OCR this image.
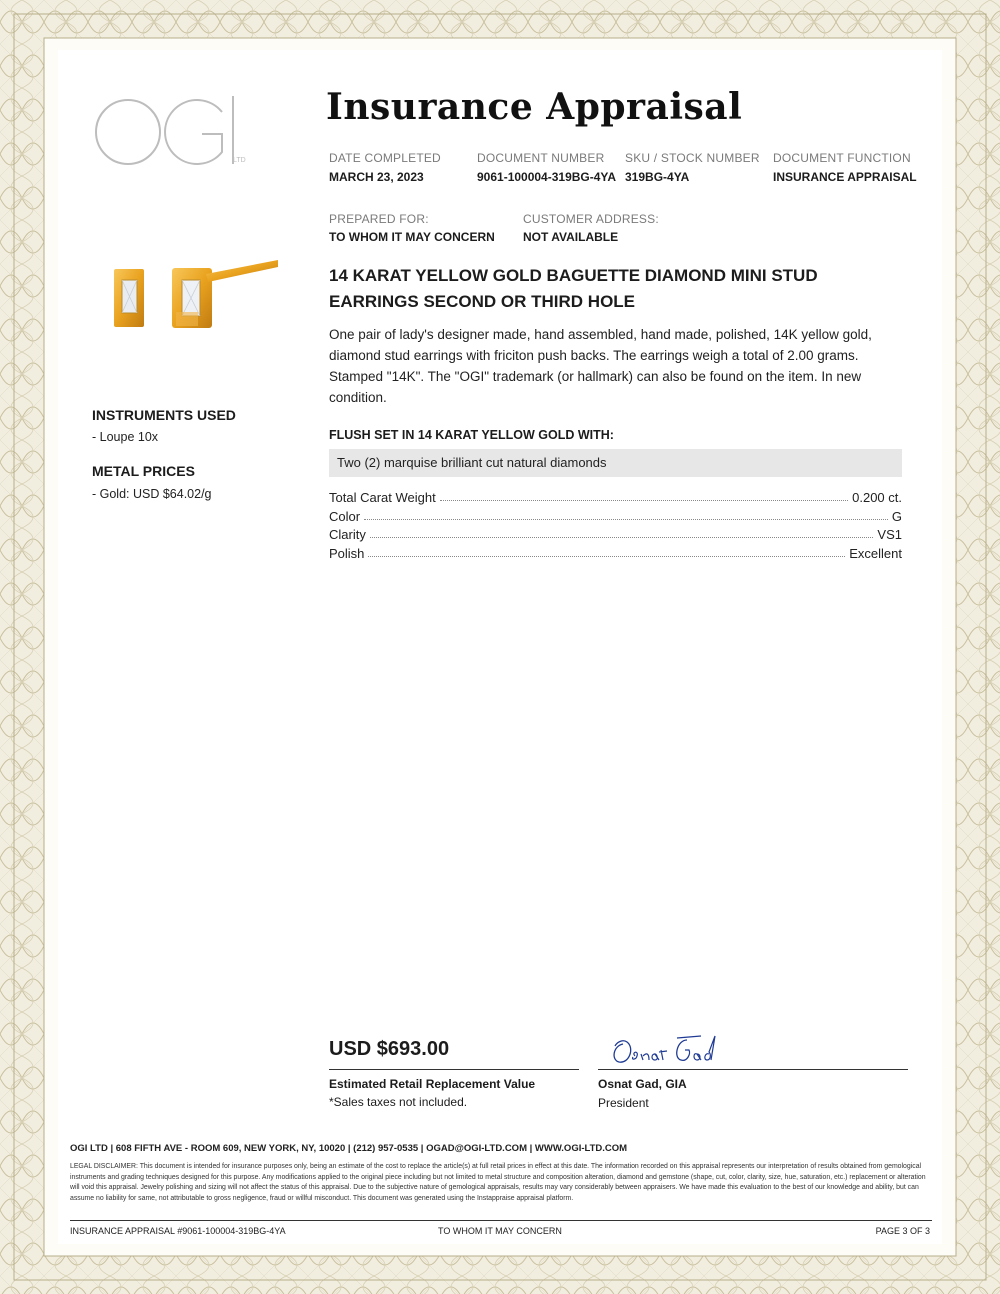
LTD
Insurance Appraisal
DATE COMPLETED
MARCH 23, 2023
DOCUMENT NUMBER
9061-100004-319BG-4YA
SKU / STOCK NUMBER
319BG-4YA
DOCUMENT FUNCTION
INSURANCE APPRAISAL
PREPARED FOR:
TO WHOM IT MAY CONCERN
CUSTOMER ADDRESS:
NOT AVAILABLE
INSTRUMENTS USED
- Loupe 10x
METAL PRICES
- Gold: USD $64.02/g
14 KARAT YELLOW GOLD BAGUETTE DIAMOND MINI STUD
EARRINGS SECOND OR THIRD HOLE
One pair of lady's designer made, hand assembled, hand made, polished, 14K yellow gold, diamond stud earrings with friciton push backs. The earrings weigh a total of 2.00 grams. Stamped "14K". The "OGI" trademark (or hallmark) can also be found on the item. In new condition.
FLUSH SET IN 14 KARAT YELLOW GOLD WITH:
Two (2) marquise brilliant cut natural diamonds
Total Carat Weight	0.200 ct.
Color	G
Clarity	VS1
Polish	Excellent
USD $693.00
Estimated Retail Replacement Value
*Sales taxes not included.
Osnat Gad, GIA
President
OGI LTD | 608 FIFTH AVE - ROOM 609, NEW YORK, NY, 10020 | (212) 957-0535 | OGAD@OGI-LTD.COM | WWW.OGI-LTD.COM
LEGAL DISCLAIMER: This document is intended for insurance purposes only, being an estimate of the cost to replace the article(s) at full retail prices in effect at this date. The information recorded on this appraisal represents our interpretation of results obtained from gemological instruments and grading techniques designed for this purpose. Any modifications applied to the original piece including but not limited to metal structure and composition alteration, diamond and gemstone (shape, cut, color, clarity, size, hue, saturation, etc.) replacement or alteration will void this appraisal. Jewelry polishing and sizing will not affect the status of this appraisal. Due to the subjective nature of gemological appraisals, results may vary considerably between appraisers. We have made this evaluation to the best of our knowledge and ability, but can assume no liability for same, not attributable to gross negligence, fraud or willful misconduct. This document was generated using the Instappraise appraisal platform.
INSURANCE APPRAISAL #9061-100004-319BG-4YA	TO WHOM IT MAY CONCERN	PAGE 3 OF 3
